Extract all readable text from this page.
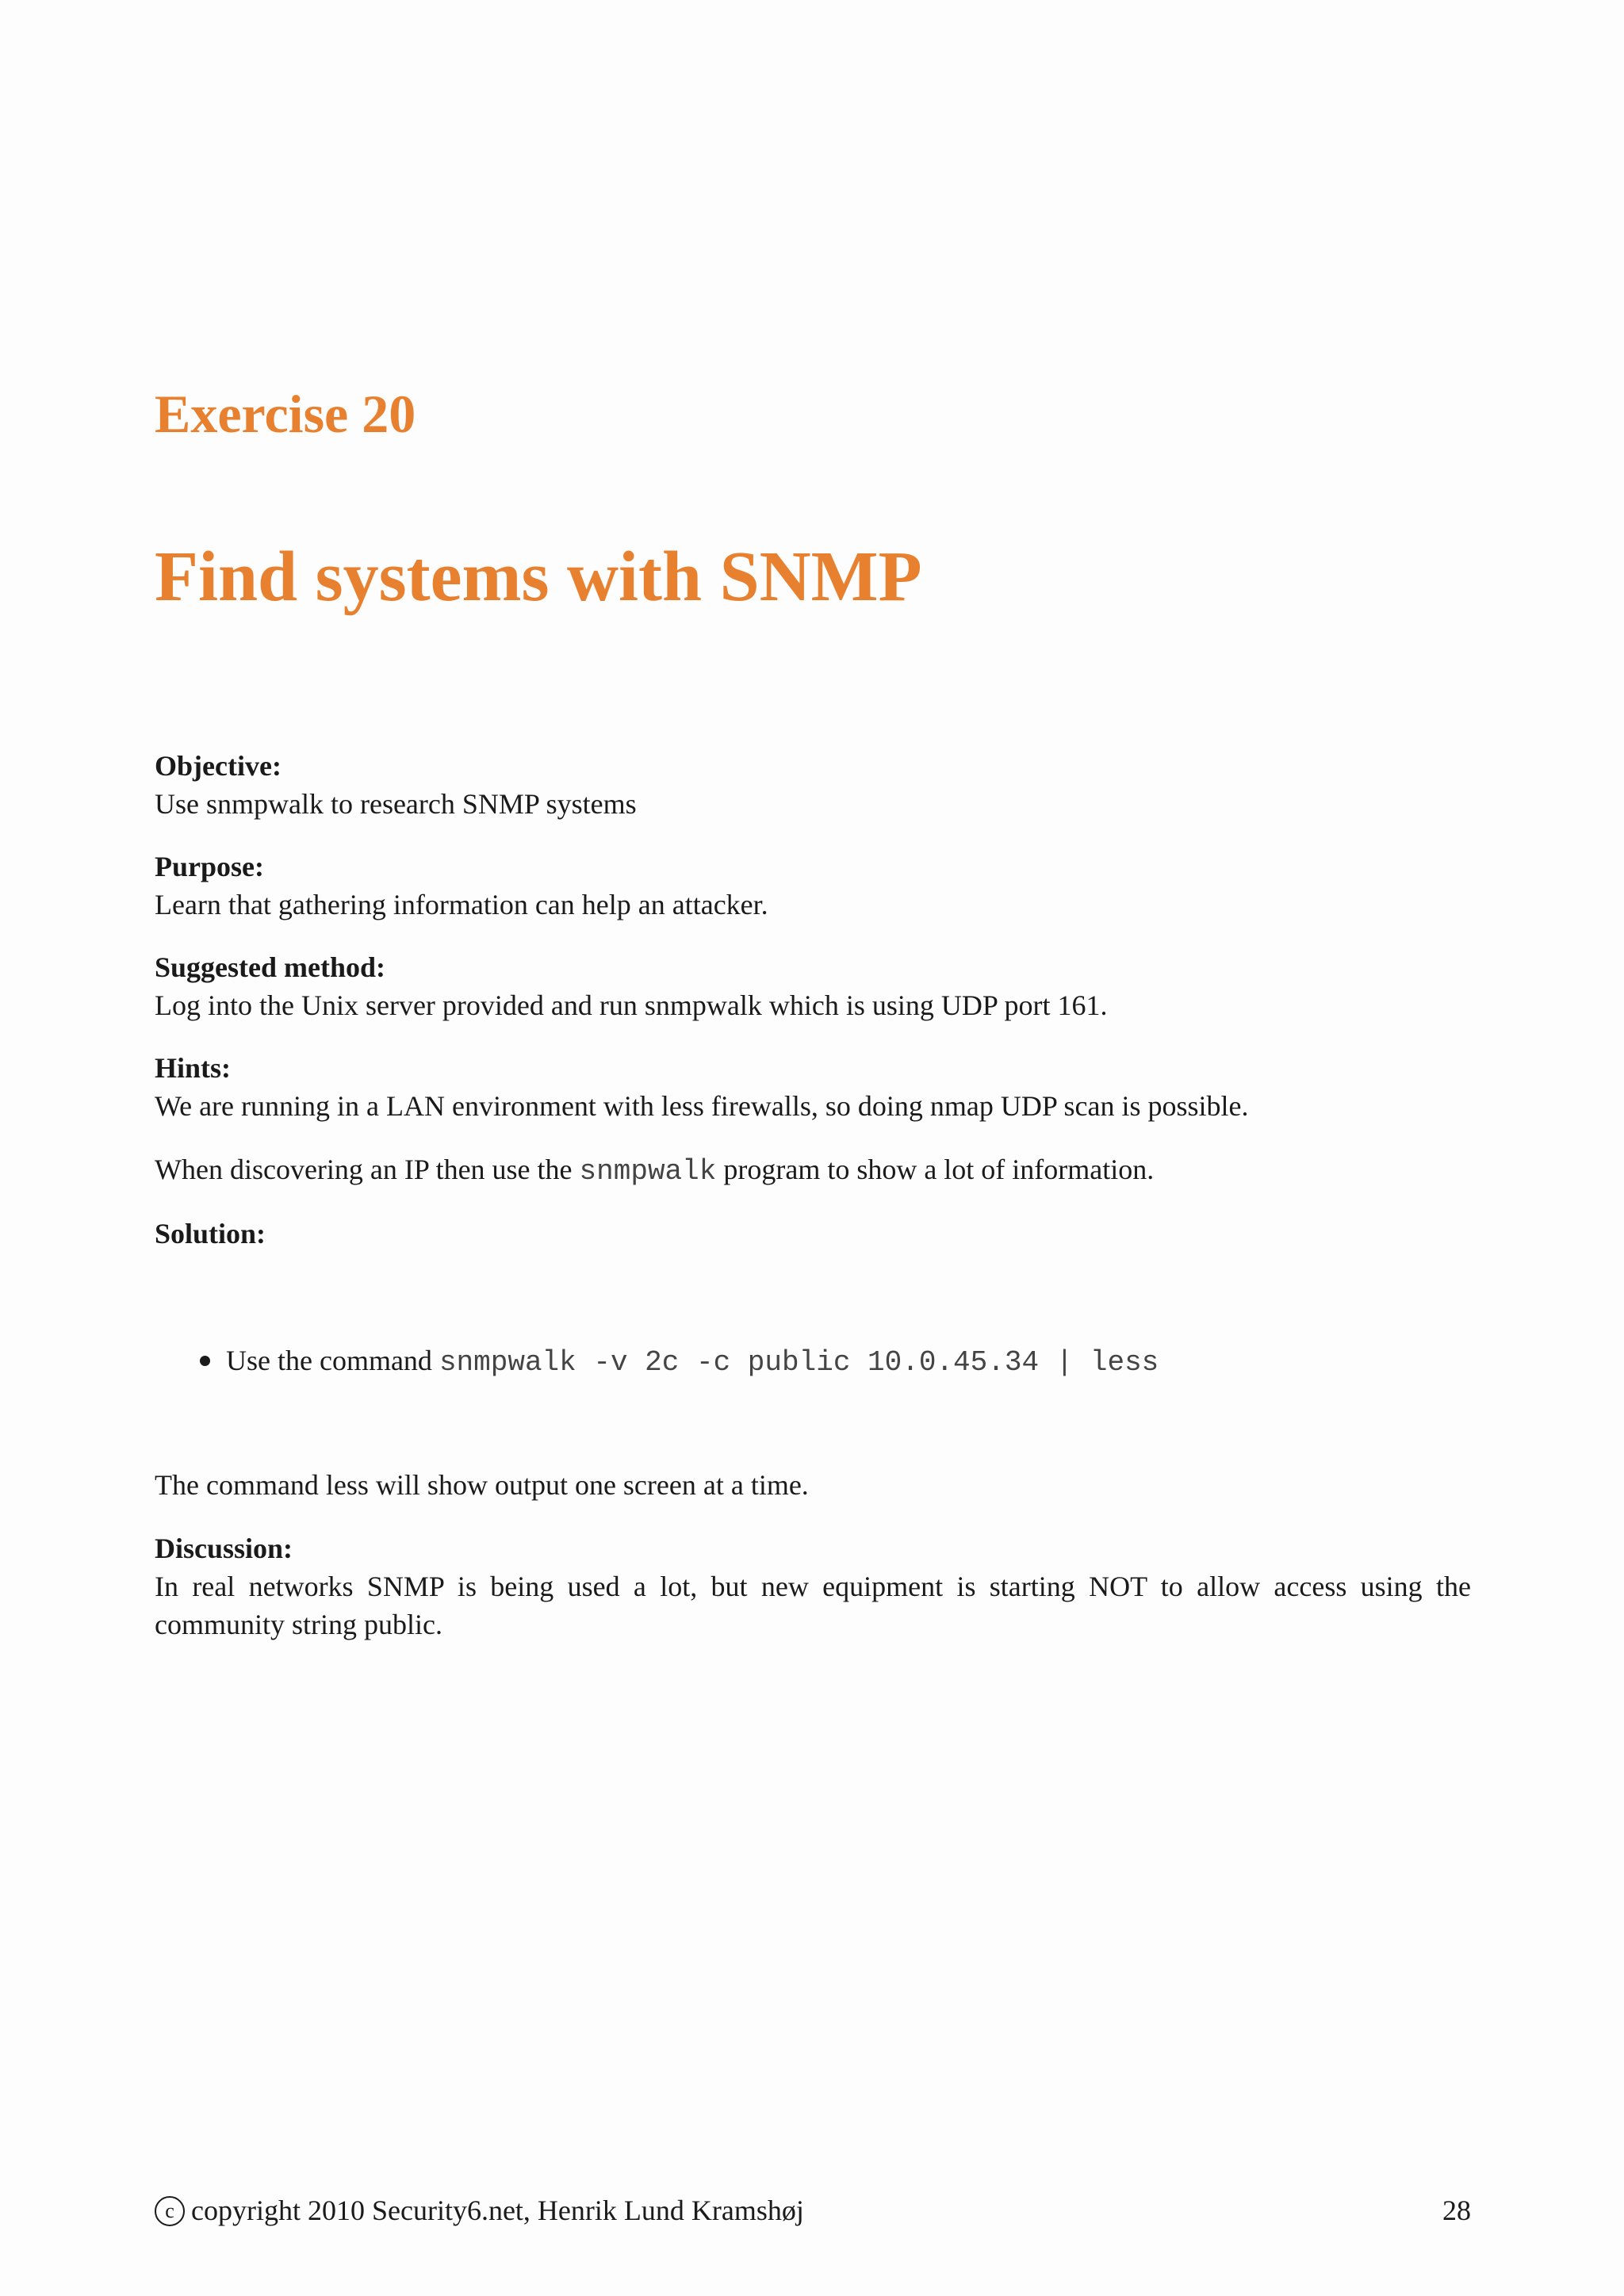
Exercise 20
Find systems with SNMP
Objective:
Use snmpwalk to research SNMP systems
Purpose:
Learn that gathering information can help an attacker.
Suggested method:
Log into the Unix server provided and run snmpwalk which is using UDP port 161.
Hints:
We are running in a LAN environment with less firewalls, so doing nmap UDP scan is possible.
When discovering an IP then use the snmpwalk program to show a lot of information.
Solution:
Use the command snmpwalk -v 2c -c public 10.0.45.34 | less
The command less will show output one screen at a time.
Discussion:
In real networks SNMP is being used a lot, but new equipment is starting NOT to allow access using the community string public.
c copyright 2010 Security6.net, Henrik Lund Kramshøj	28
